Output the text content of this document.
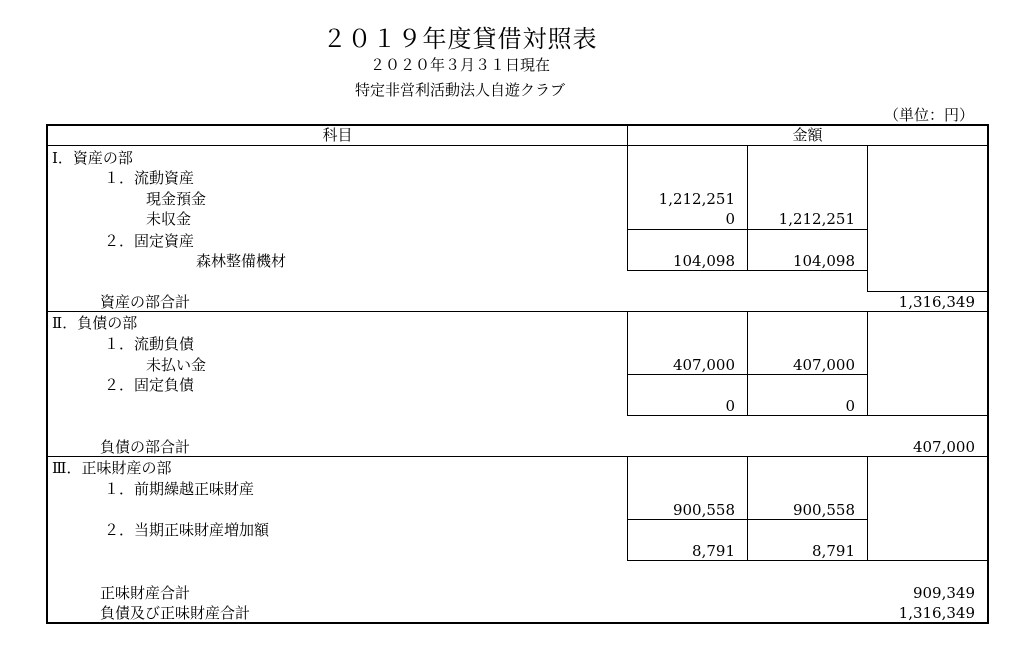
２０１９年度貸借対照表
２０２０年３月３１日現在
特定非営利活動法人自遊クラブ
（単位：円）
科目	金額
Ⅰ．資産の部
１．流動資産
現金預金	1,212,251
未収金	0	1,212,251
２．固定資産
森林整備機材	104,098	104,098
資産の部合計	1,316,349
Ⅱ．負債の部
１．流動負債
未払い金	407,000	407,000
２．固定負債
0	0
負債の部合計	407,000
Ⅲ．正味財産の部
１．前期繰越正味財産
900,558	900,558
２．当期正味財産増加額
8,791	8,791
正味財産合計	909,349
負債及び正味財産合計	1,316,349
